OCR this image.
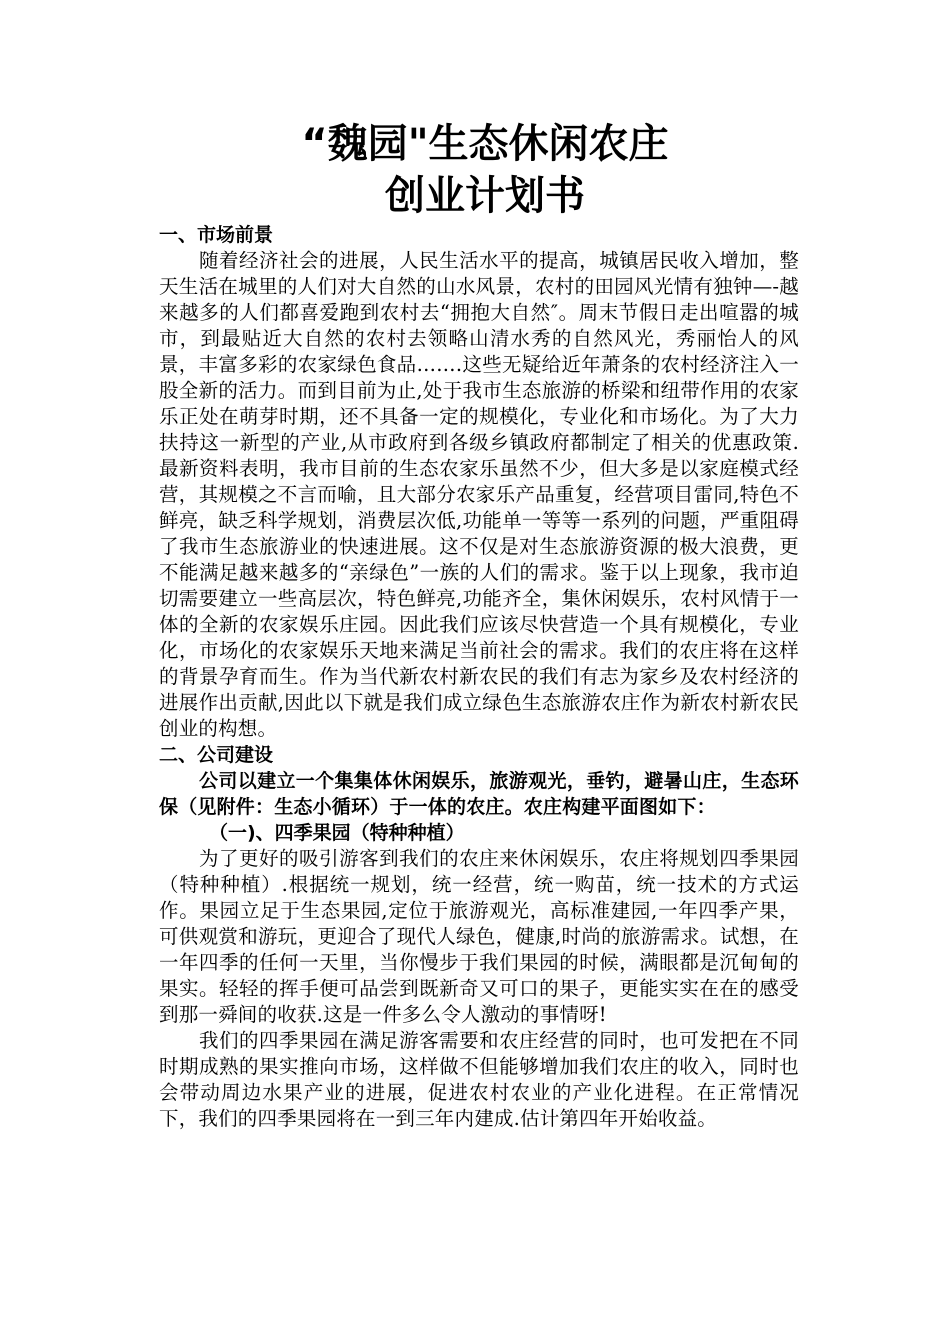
“魏园"生态休闲农庄
创业计划书
一、市场前景

随着经济社会的进展，人民生活水平的提高，城镇居民收入增加，整天生活在城里的人们对大自然的山水风景，农村的田园风光情有独钟—-越来越多的人们都喜爱跑到农村去“拥抱大自然″。周末节假日走出喧嚣的城市，到最贴近大自然的农村去领略山清水秀的自然风光，秀丽怡人的风景，丰富多彩的农家绿色食品…….这些无疑给近年萧条的农村经济注入一股全新的活力。而到目前为止,处于我市生态旅游的桥梁和纽带作用的农家乐正处在萌芽时期，还不具备一定的规模化，专业化和市场化。为了大力扶持这一新型的产业,从市政府到各级乡镇政府都制定了相关的优惠政策.最新资料表明，我市目前的生态农家乐虽然不少，但大多是以家庭模式经营，其规模之不言而喻，且大部分农家乐产品重复，经营项目雷同,特色不鲜亮，缺乏科学规划，消费层次低,功能单一等等一系列的问题，严重阻碍了我市生态旅游业的快速进展。这不仅是对生态旅游资源的极大浪费，更不能满足越来越多的“亲绿色”一族的人们的需求。鉴于以上现象，我市迫切需要建立一些高层次，特色鲜亮,功能齐全，集休闲娱乐，农村风情于一体的全新的农家娱乐庄园。因此我们应该尽快营造一个具有规模化，专业化，市场化的农家娱乐天地来满足当前社会的需求。我们的农庄将在这样的背景孕育而生。作为当代新农村新农民的我们有志为家乡及农村经济的进展作出贡献,因此以下就是我们成立绿色生态旅游农庄作为新农村新农民创业的构想。

二、公司建设

公司以建立一个集集体休闲娱乐，旅游观光，垂钓，避暑山庄，生态环保（见附件：生态小循环）于一体的农庄。农庄构建平面图如下：

（一)、四季果园（特种种植）

为了更好的吸引游客到我们的农庄来休闲娱乐，农庄将规划四季果园（特种种植）.根据统一规划，统一经营，统一购苗，统一技术的方式运作。果园立足于生态果园,定位于旅游观光，高标准建园,一年四季产果，可供观赏和游玩，更迎合了现代人绿色，健康,时尚的旅游需求。试想，在一年四季的任何一天里，当你慢步于我们果园的时候，满眼都是沉甸甸的果实。轻轻的挥手便可品尝到既新奇又可口的果子，更能实实在在的感受到那一舜间的收获.这是一件多么令人激动的事情呀!

我们的四季果园在满足游客需要和农庄经营的同时，也可发把在不同时期成熟的果实推向市场，这样做不但能够增加我们农庄的收入，同时也会带动周边水果产业的进展，促进农村农业的产业化进程。在正常情况下，我们的四季果园将在一到三年内建成.估计第四年开始收益。
